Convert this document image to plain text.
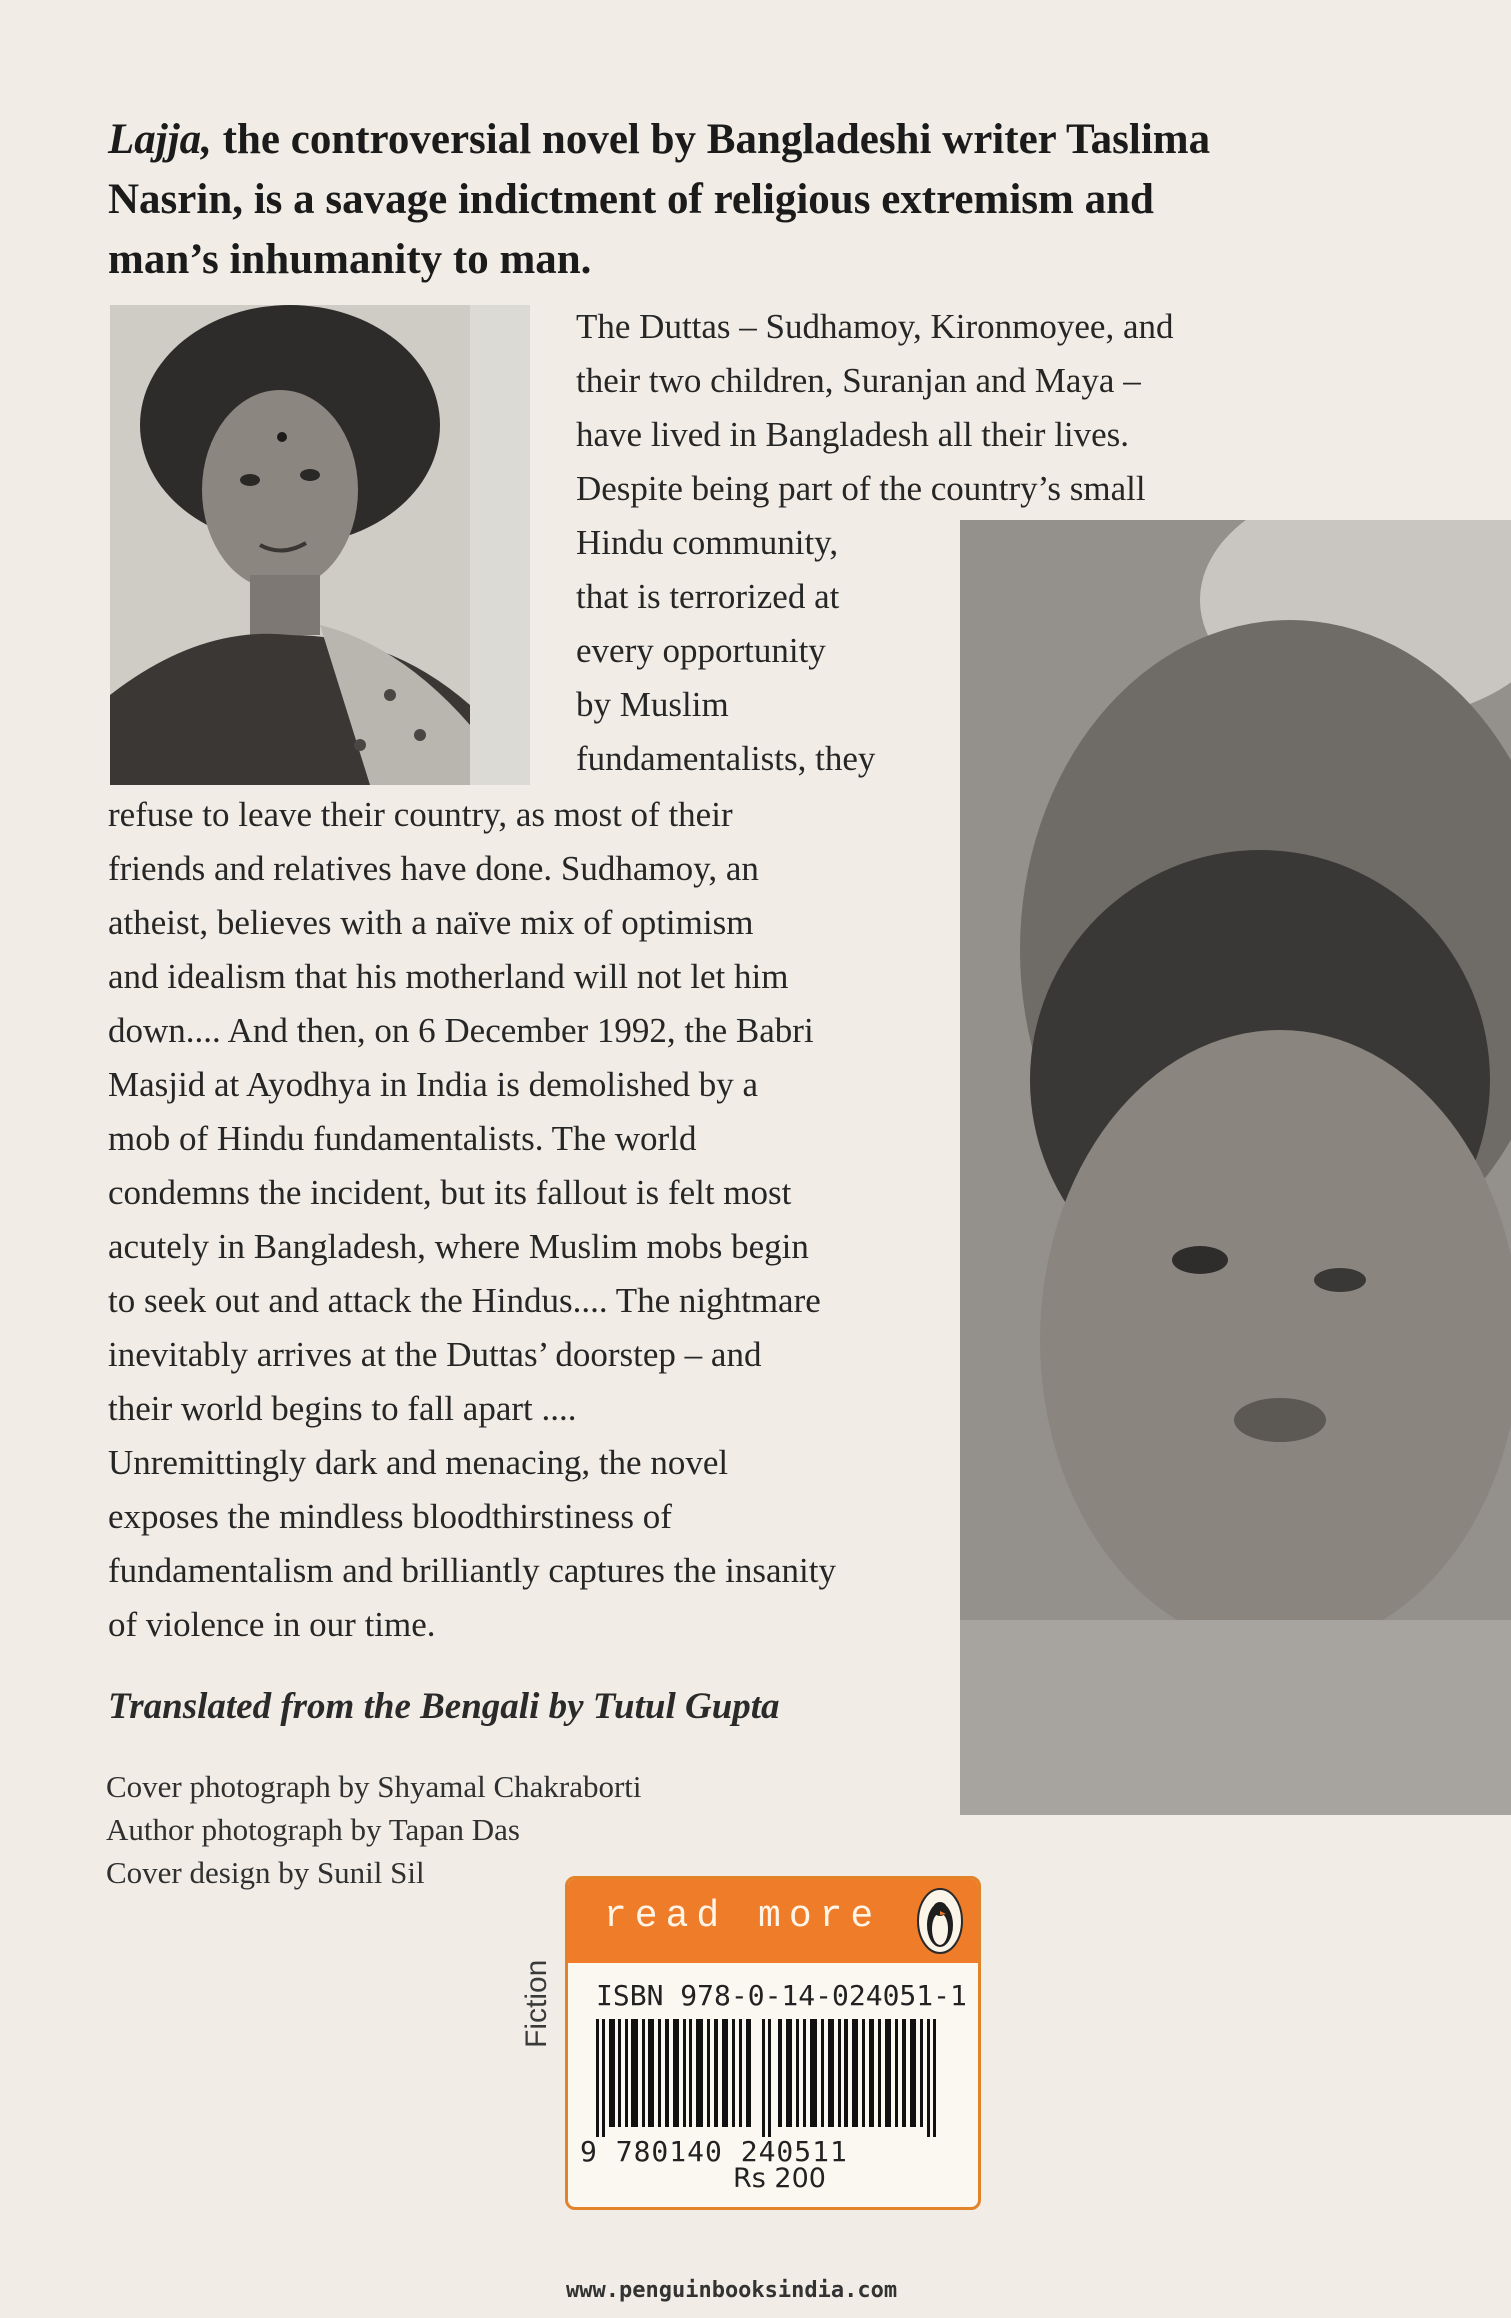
Lajja, the controversial novel by Bangladeshi writer Taslima Nasrin, is a savage indictment of religious extremism and man’s inhumanity to man.
The Duttas – Sudhamoy, Kironmoyee, and
their two children, Suranjan and Maya –
have lived in Bangladesh all their lives.
Despite being part of the country’s small
Hindu community,
that is terrorized at
every opportunity
by Muslim
fundamentalists, they
refuse to leave their country, as most of their
friends and relatives have done. Sudhamoy, an
atheist, believes with a naïve mix of optimism
and idealism that his motherland will not let him
down.... And then, on 6 December 1992, the Babri
Masjid at Ayodhya in India is demolished by a
mob of Hindu fundamentalists. The world
condemns the incident, but its fallout is felt most
acutely in Bangladesh, where Muslim mobs begin
to seek out and attack the Hindus.... The nightmare
inevitably arrives at the Duttas’ doorstep – and
their world begins to fall apart ....
Unremittingly dark and menacing, the novel
exposes the mindless bloodthirstiness of
fundamentalism and brilliantly captures the insanity
of violence in our time.
Translated from the Bengali by Tutul Gupta
Cover photograph by Shyamal Chakraborti
Author photograph by Tapan Das
Cover design by Sunil Sil
Fiction
read more
ISBN 978-0-14-024051-1
9 780140 240511
Rs 200
www.penguinbooksindia.com
